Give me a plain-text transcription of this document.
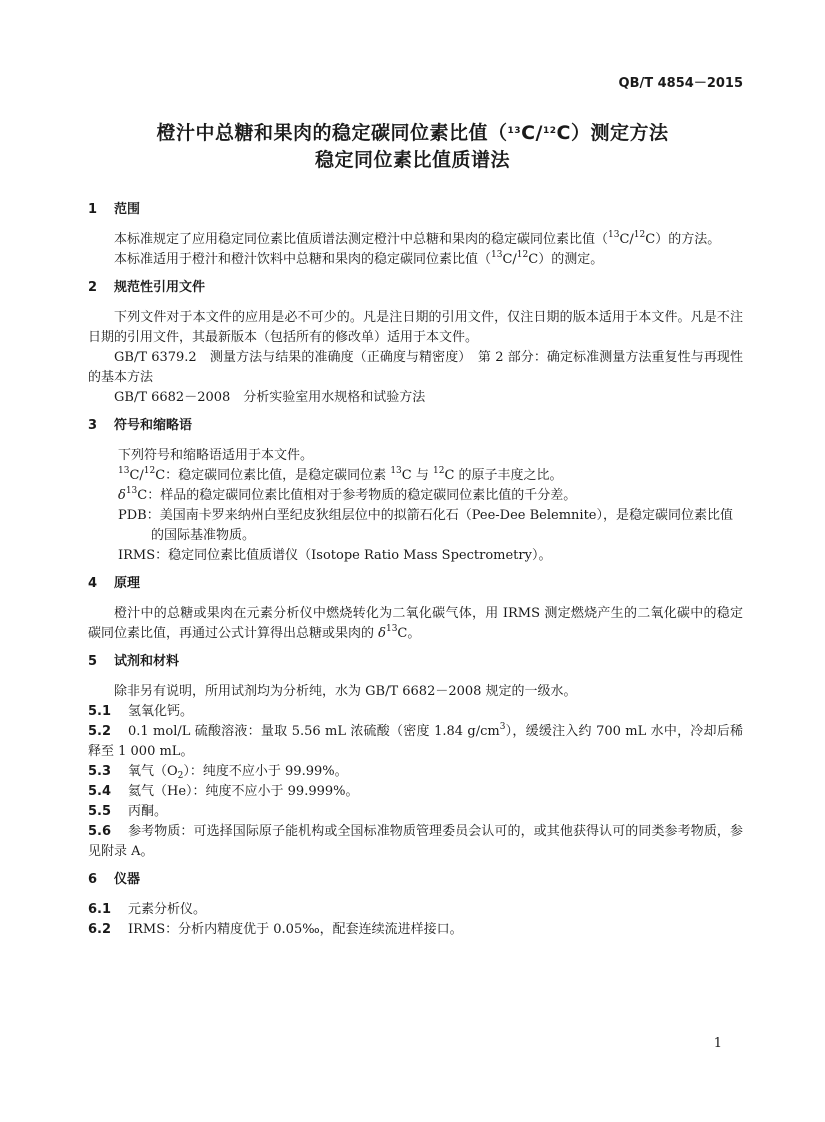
QB/T 4854－2015
橙汁中总糖和果肉的稳定碳同位素比值（$^{13}$C/$^{12}$C）测定方法
稳定同位素比值质谱法
1 范围

本标准规定了应用稳定同位素比值质谱法测定橙汁中总糖和果肉的稳定碳同位素比值（$^{13}$C/$^{12}$C）的方法。

本标准适用于橙汁和橙汁饮料中总糖和果肉的稳定碳同位素比值（$^{13}$C/$^{12}$C）的测定。

2 规范性引用文件

下列文件对于本文件的应用是必不可少的。凡是注日期的引用文件，仅注日期的版本适用于本文件。凡是不注日期的引用文件，其最新版本（包括所有的修改单）适用于本文件。

GB/T 6379.2　测量方法与结果的准确度（正确度与精密度）　第 2 部分：确定标准测量方法重复性与再现性的基本方法

GB/T 6682－2008　分析实验室用水规格和试验方法

3 符号和缩略语

下列符号和缩略语适用于本文件。

$^{13}$C/$^{12}$C：稳定碳同位素比值，是稳定碳同位素 $^{13}$C 与 $^{12}$C 的原子丰度之比。

$\delta^{13}C$：样品的稳定碳同位素比值相对于参考物质的稳定碳同位素比值的千分差。

PDB：美国南卡罗来纳州白垩纪皮狄组层位中的拟箭石化石（Pee-Dee Belemnite），是稳定碳同位素比值的国际基准物质。

IRMS：稳定同位素比值质谱仪（Isotope Ratio Mass Spectrometry）。

4 原理

橙汁中的总糖或果肉在元素分析仪中燃烧转化为二氧化碳气体，用 IRMS 测定燃烧产生的二氧化碳中的稳定碳同位素比值，再通过公式计算得出总糖或果肉的 $\delta^{13}C$。

5 试剂和材料

除非另有说明，所用试剂均为分析纯，水为 GB/T 6682－2008 规定的一级水。

5.1 氢氧化钙。

5.2 0.1 mol/L 硫酸溶液：量取 5.56 mL 浓硫酸（密度 1.84 $g/cm^3$），缓缓注入约 700 mL 水中，冷却后稀释至 1 000 mL。

5.3 氧气$(O_2)$：纯度不应小于 99.99%。

5.4 氦气（He）：纯度不应小于 99.999%。

5.5 丙酮。

5.6 参考物质：可选择国际原子能机构或全国标准物质管理委员会认可的，或其他获得认可的同类参考物质，参见附录 A。

6 仪器

6.1 元素分析仪。

6.2 IRMS：分析内精度优于 0.05‰，配套连续流进样接口。

1
